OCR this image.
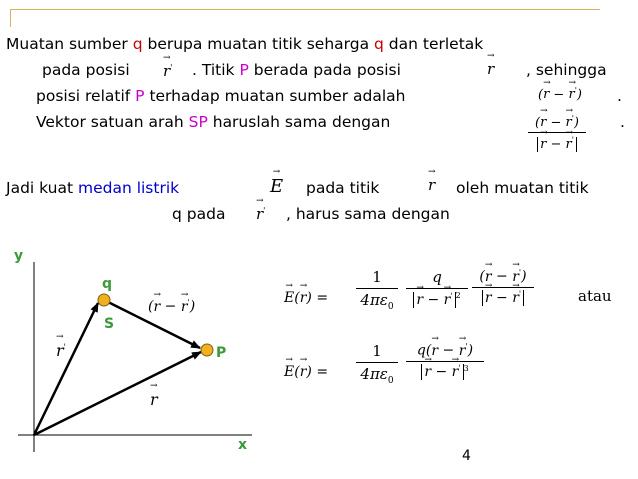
Muatan sumber q berupa muatan titik seharga q dan terletak
pada posisi → r' . Titik P berada pada posisi	→ r , sehingga
posisi relatif P terhadap muatan sumber adalah	(→ r − → r') .
Vektor satuan arah SP haruslah sama dengan	(→ r − → r')
→ r − → r' .
Jadi kuat medan listrik	→ E pada titik	→ r oleh muatan titik
q pada → r' , harus sama dengan
y
x
q
S
P
(→ r − → r')
→ r'
→ r
→ $E(\to r) = \frac{1}{4\pi\varepsilon_0}$ q
→ r − → r' $^2$ (→ r − → r')
→ r − → r'	atau
→ $E(\to r) = \frac{1}{4\pi\varepsilon_0} q(\to r$ − → r')
→ r − → r' $^3$
4
